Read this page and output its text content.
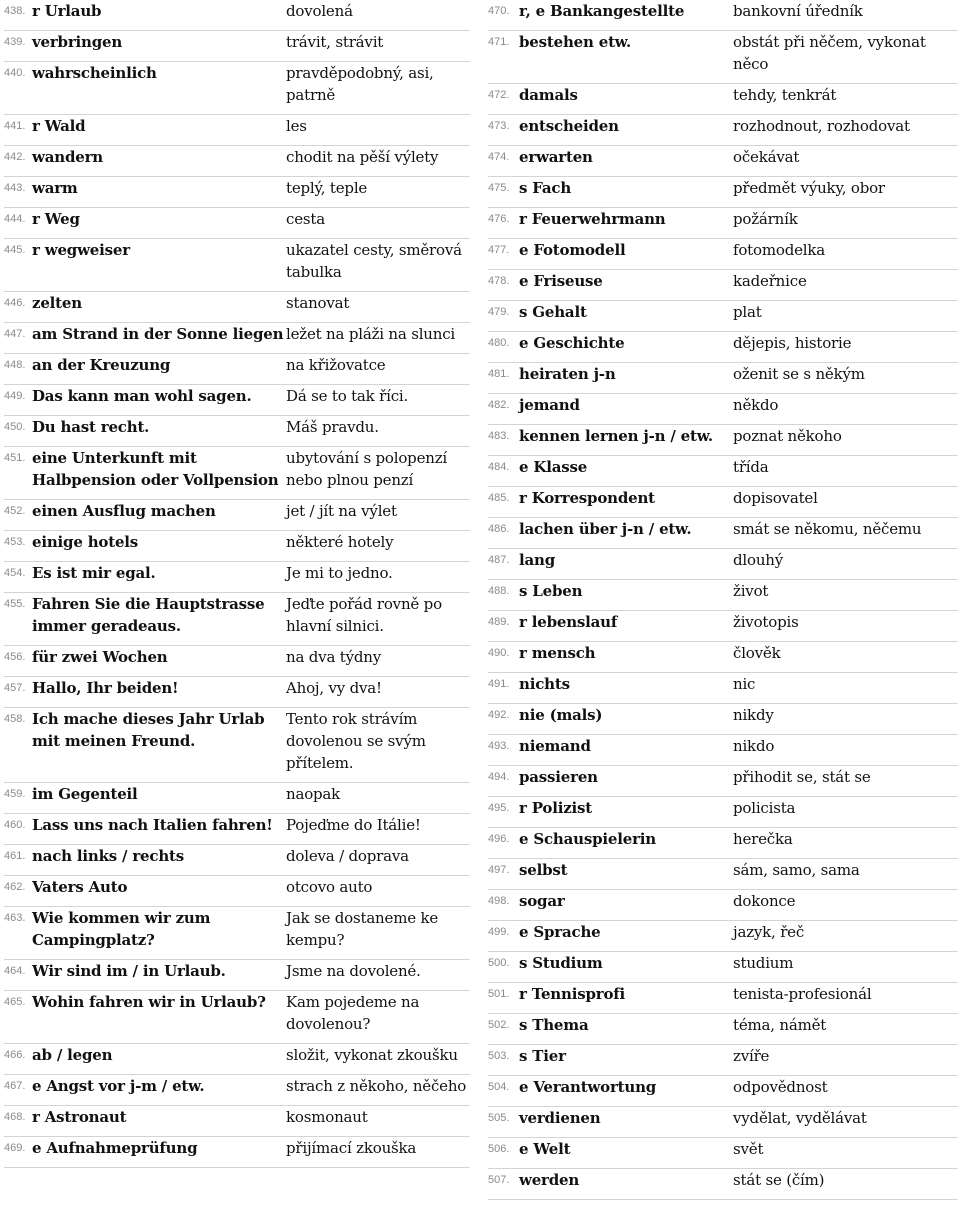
438.	r Urlaub	dovolená
439.	verbringen	trávit, strávit
440.	wahrscheinlich	pravděpodobný, asi, patrně
441.	r Wald	les
442.	wandern	chodit na pěší výlety
443.	warm	teplý, teple
444.	r Weg	cesta
445.	r wegweiser	ukazatel cesty, směrová tabulka
446.	zelten	stanovat
447.	am Strand in der Sonne liegen	ležet na pláži na slunci
448.	an der Kreuzung	na křižovatce
449.	Das kann man wohl sagen.	Dá se to tak říci.
450.	Du hast recht.	Máš pravdu.
451.	eine Unterkunft mit Halbpension oder Vollpension	ubytování s polopenzí nebo plnou penzí
452.	einen Ausflug machen	jet / jít na výlet
453.	einige hotels	některé hotely
454.	Es ist mir egal.	Je mi to jedno.
455.	Fahren Sie die Hauptstrasse immer geradeaus.	Jeďte pořád rovně po hlavní silnici.
456.	für zwei Wochen	na dva týdny
457.	Hallo, Ihr beiden!	Ahoj, vy dva!
458.	Ich mache dieses Jahr Urlab mit meinen Freund.	Tento rok strávím dovolenou se svým přítelem.
459.	im Gegenteil	naopak
460.	Lass uns nach Italien fahren!	Pojeďme do Itálie!
461.	nach links / rechts	doleva / doprava
462.	Vaters Auto	otcovo auto
463.	Wie kommen wir zum Campingplatz?	Jak se dostaneme ke kempu?
464.	Wir sind im / in Urlaub.	Jsme na dovolené.
465.	Wohin fahren wir in Urlaub?	Kam pojedeme na dovolenou?
466.	ab / legen	složit, vykonat zkoušku
467.	e Angst vor j-m / etw.	strach z někoho, něčeho
468.	r Astronaut	kosmonaut
469.	e Aufnahmeprüfung	přijímací zkouška
470.	r, e Bankangestellte	bankovní úředník
471.	bestehen etw.	obstát při něčem, vykonat něco
472.	damals	tehdy, tenkrát
473.	entscheiden	rozhodnout, rozhodovat
474.	erwarten	očekávat
475.	s Fach	předmět výuky, obor
476.	r Feuerwehrmann	požárník
477.	e Fotomodell	fotomodelka
478.	e Friseuse	kadeřnice
479.	s Gehalt	plat
480.	e Geschichte	dějepis, historie
481.	heiraten j-n	oženit se s někým
482.	jemand	někdo
483.	kennen lernen j-n / etw.	poznat někoho
484.	e Klasse	třída
485.	r Korrespondent	dopisovatel
486.	lachen über j-n / etw.	smát se někomu, něčemu
487.	lang	dlouhý
488.	s Leben	život
489.	r lebenslauf	životopis
490.	r mensch	člověk
491.	nichts	nic
492.	nie (mals)	nikdy
493.	niemand	nikdo
494.	passieren	přihodit se, stát se
495.	r Polizist	policista
496.	e Schauspielerin	herečka
497.	selbst	sám, samo, sama
498.	sogar	dokonce
499.	e Sprache	jazyk, řeč
500.	s Studium	studium
501.	r Tennisprofi	tenista-profesionál
502.	s Thema	téma, námět
503.	s Tier	zvíře
504.	e Verantwortung	odpovědnost
505.	verdienen	vydělat, vydělávat
506.	e Welt	svět
507.	werden	stát se (čím)
